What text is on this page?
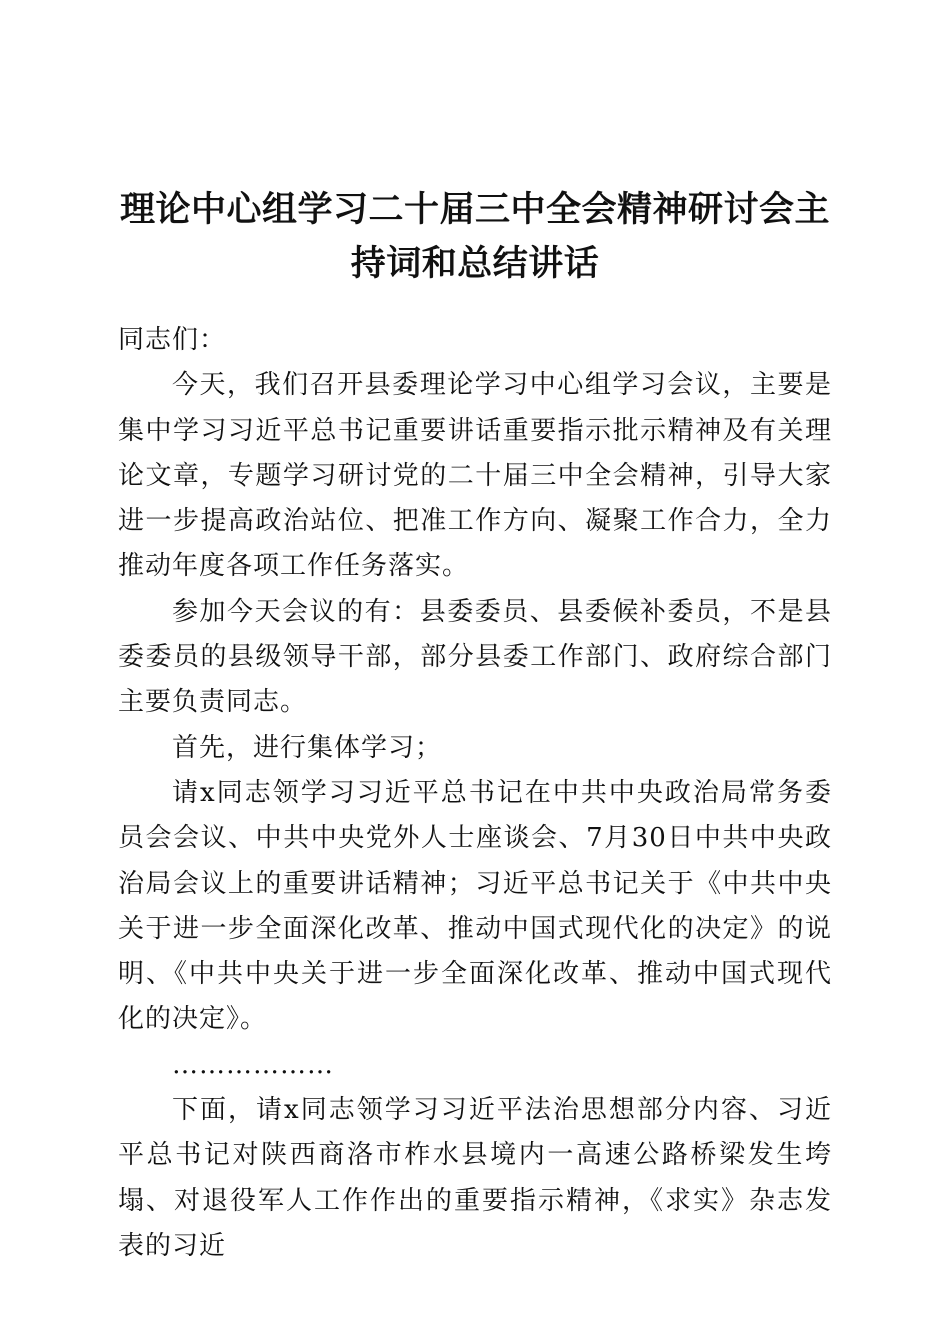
理论中心组学习二十届三中全会精神研讨会主
持词和总结讲话

同志们：

今天，我们召开县委理论学习中心组学习会议，主要是集中学习习近平总书记重要讲话重要指示批示精神及有关理论文章，专题学习研讨党的二十届三中全会精神，引导大家进一步提高政治站位、把准工作方向、凝聚工作合力，全力推动年度各项工作任务落实。

参加今天会议的有：县委委员、县委候补委员，不是县委委员的县级领导干部，部分县委工作部门、政府综合部门主要负责同志。

首先，进行集体学习；

请x同志领学习习近平总书记在中共中央政治局常务委员会会议、中共中央党外人士座谈会、7月30日中共中央政治局会议上的重要讲话精神；习近平总书记关于《中共中央关于进一步全面深化改革、推动中国式现代化的决定》的说明、《中共中央关于进一步全面深化改革、推动中国式现代化的决定》。

………………

下面，请x同志领学习习近平法治思想部分内容、习近平总书记对陕西商洛市柞水县境内一高速公路桥梁发生垮塌、对退役军人工作作出的重要指示精神，《求实》杂志发表的习近
